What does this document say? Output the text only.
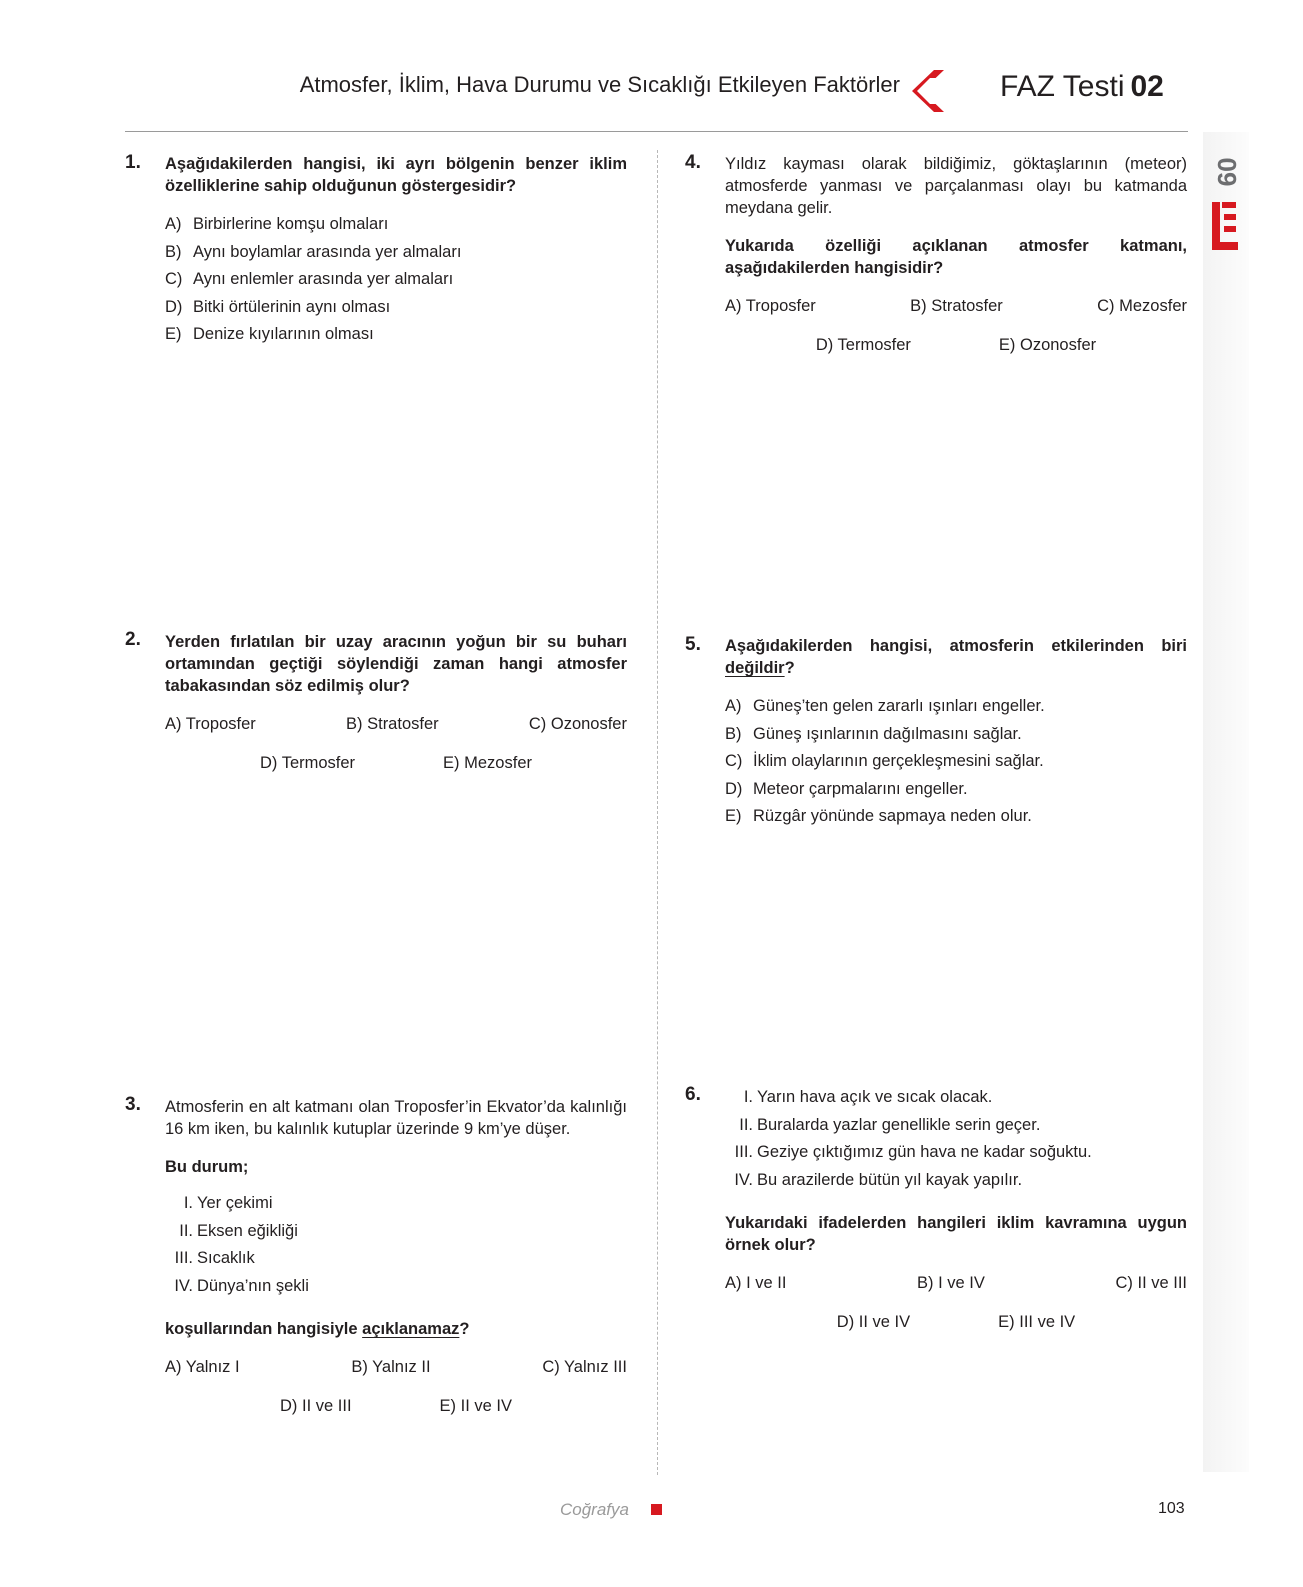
Atmosfer, İklim, Hava Durumu ve Sıcaklığı Etkileyen Faktörler	FAZ Testi 02
09
1. Aşağıdakilerden hangisi, iki ayrı bölgenin benzer iklim özelliklerine sahip olduğunun göstergesidir?
A) Birbirlerine komşu olmaları
B) Aynı boylamlar arasında yer almaları
C) Aynı enlemler arasında yer almaları
D) Bitki örtülerinin aynı olması
E) Denize kıyılarının olması
2. Yerden fırlatılan bir uzay aracının yoğun bir su buharı ortamından geçtiği söylendiği zaman hangi atmosfer tabakasından söz edilmiş olur?
A) Troposfer	B) Stratosfer	C) Ozonosfer
D) Termosfer	E) Mezosfer
3. Atmosferin en alt katmanı olan Troposfer’in Ekvator’da kalınlığı 16 km iken, bu kalınlık kutuplar üzerinde 9 km’ye düşer.
Bu durum;
I. Yer çekimi
II. Eksen eğikliği
III. Sıcaklık
IV. Dünya’nın şekli
koşullarından hangisiyle açıklanamaz?
A) Yalnız I	B) Yalnız II	C) Yalnız III
D) II ve III	E) II ve IV
4. Yıldız kayması olarak bildiğimiz, göktaşlarının (meteor) atmosferde yanması ve parçalanması olayı bu katmanda meydana gelir.
Yukarıda özelliği açıklanan atmosfer katmanı, aşağıdakilerden hangisidir?
A) Troposfer	B) Stratosfer	C) Mezosfer
D) Termosfer	E) Ozonosfer
5. Aşağıdakilerden hangisi, atmosferin etkilerinden biri değildir?
A) Güneş’ten gelen zararlı ışınları engeller.
B) Güneş ışınlarının dağılmasını sağlar.
C) İklim olaylarının gerçekleşmesini sağlar.
D) Meteor çarpmalarını engeller.
E) Rüzgâr yönünde sapmaya neden olur.
6.	I. Yarın hava açık ve sıcak olacak.
II. Buralarda yazlar genellikle serin geçer.
III. Geziye çıktığımız gün hava ne kadar soğuktu.
IV. Bu arazilerde bütün yıl kayak yapılır.
Yukarıdaki ifadelerden hangileri iklim kavramına uygun örnek olur?
A) I ve II	B) I ve IV	C) II ve III
D) II ve IV	E) III ve IV
Coğrafya	103
